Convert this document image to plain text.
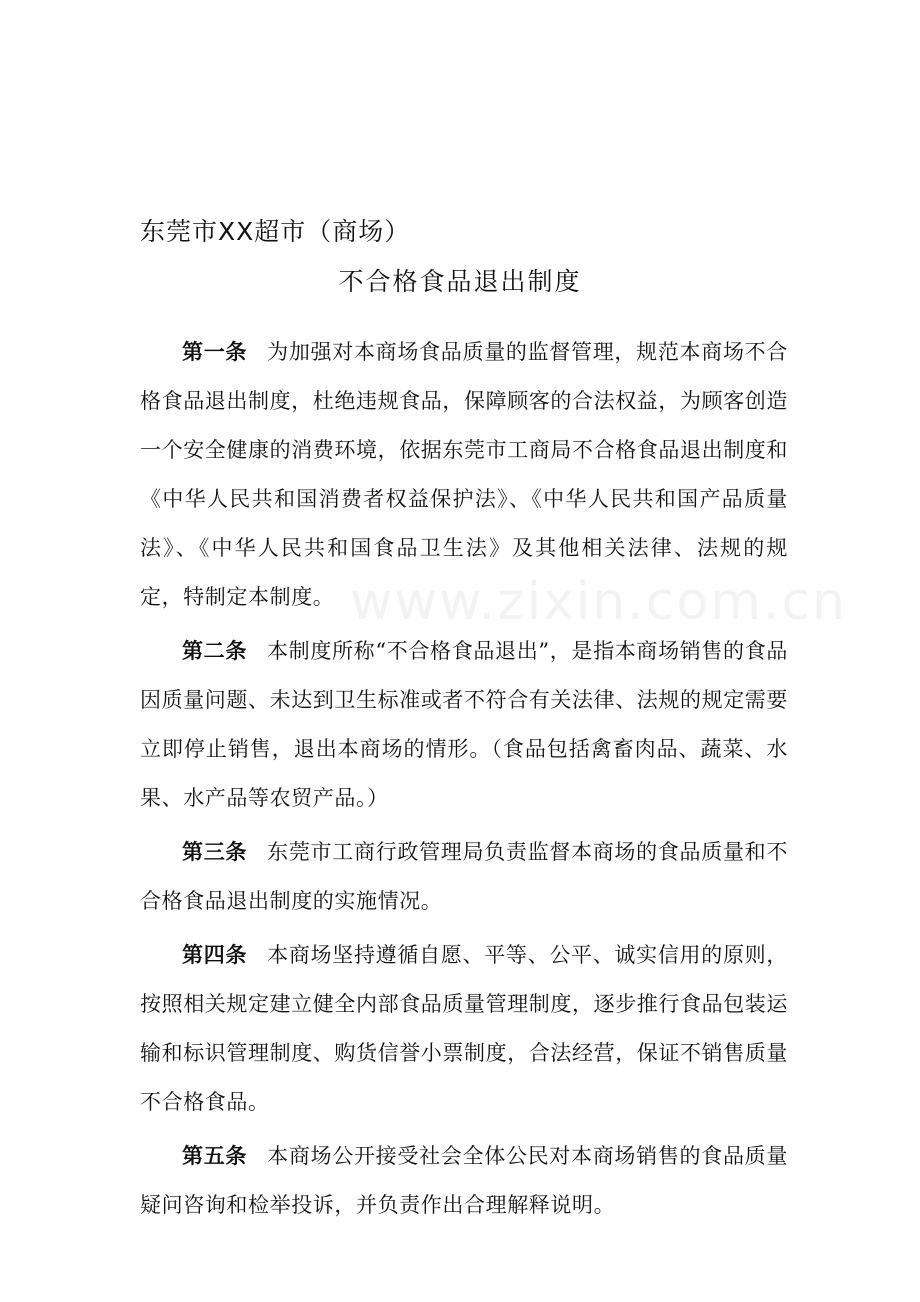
www.zixin.com.cn
东莞市XX超市（商场）
不合格食品退出制度

第一条 为加强对本商场食品质量的监督管理，规范本商场不合格食品退出制度，杜绝违规食品，保障顾客的合法权益，为顾客创造一个安全健康的消费环境，依据东莞市工商局不合格食品退出制度和《中华人民共和国消费者权益保护法》、《中华人民共和国产品质量法》、《中华人民共和国食品卫生法》及其他相关法律、法规的规定，特制定本制度。

第二条 本制度所称“不合格食品退出”，是指本商场销售的食品因质量问题、未达到卫生标准或者不符合有关法律、法规的规定需要立即停止销售，退出本商场的情形。（食品包括禽畜肉品、蔬菜、水果、水产品等农贸产品。）

第三条 东莞市工商行政管理局负责监督本商场的食品质量和不合格食品退出制度的实施情况。

第四条 本商场坚持遵循自愿、平等、公平、诚实信用的原则，按照相关规定建立健全内部食品质量管理制度，逐步推行食品包装运输和标识管理制度、购货信誉小票制度，合法经营，保证不销售质量不合格食品。

第五条 本商场公开接受社会全体公民对本商场销售的食品质量疑问咨询和检举投诉，并负责作出合理解释说明。
